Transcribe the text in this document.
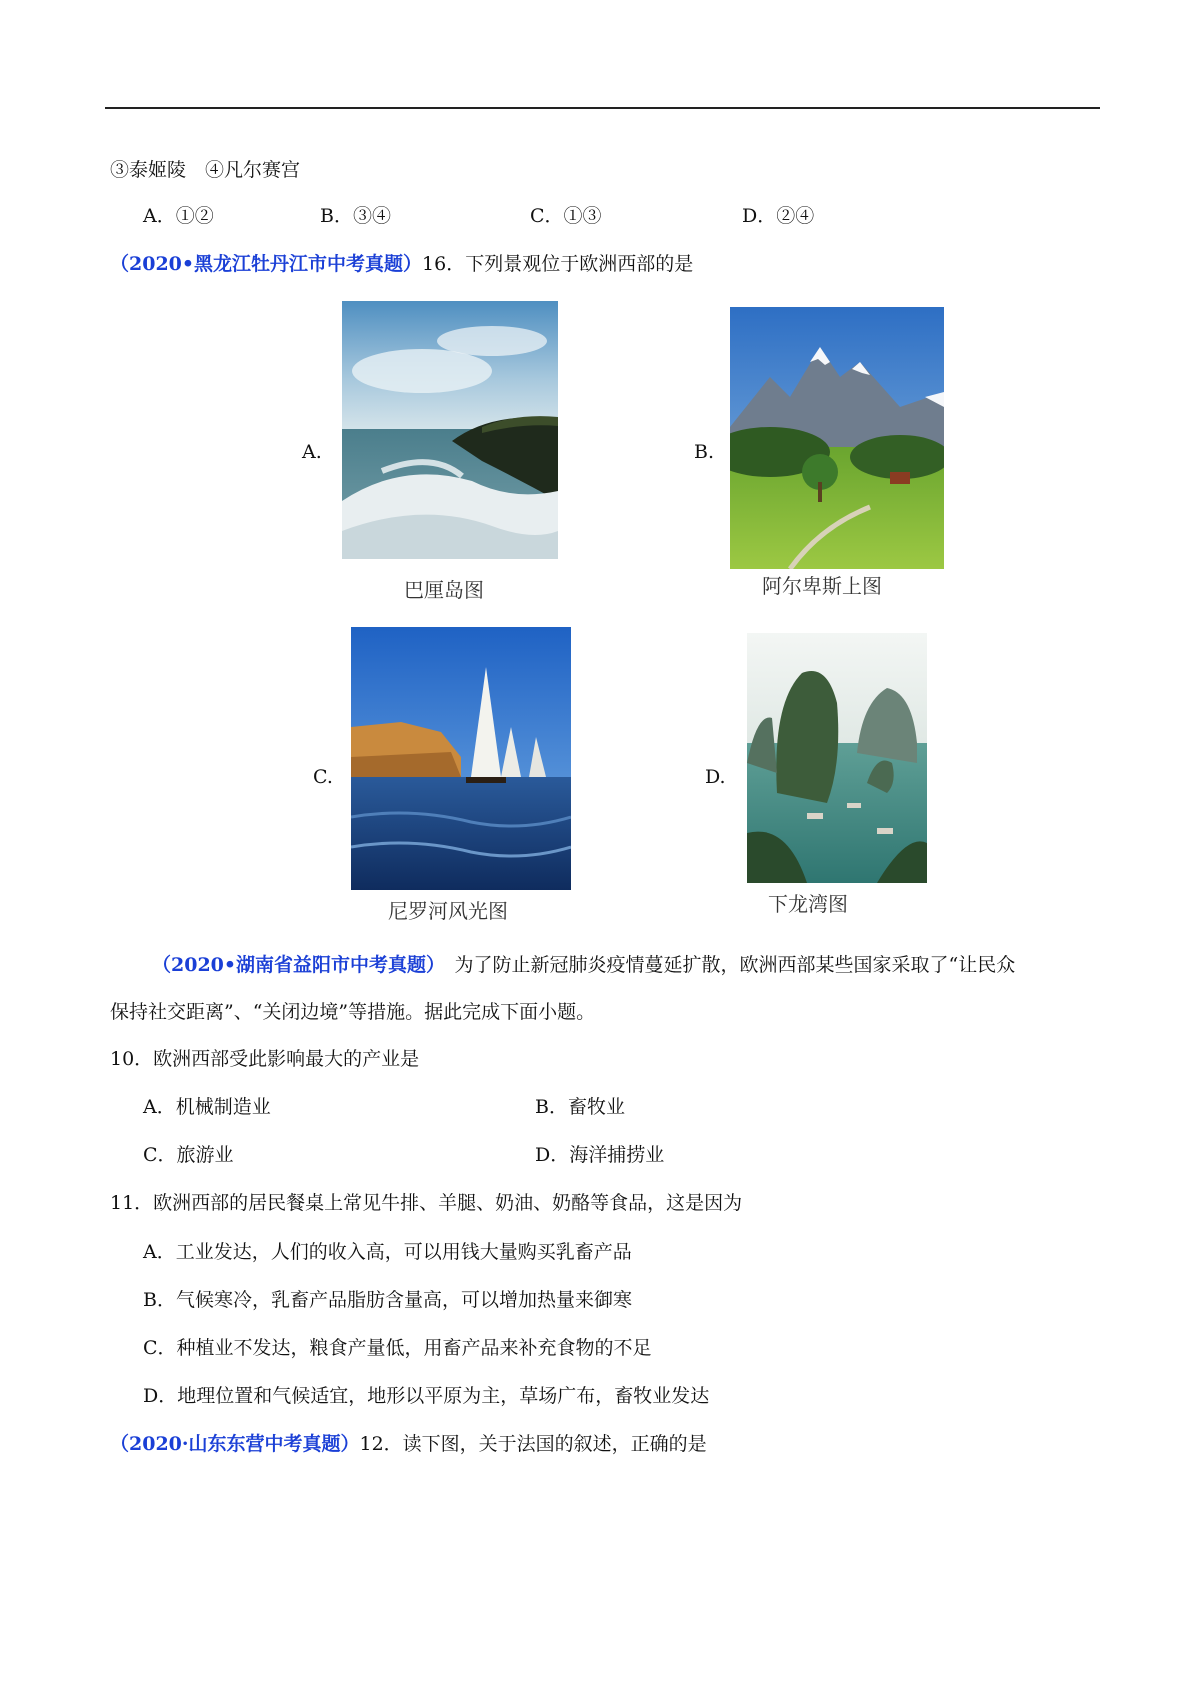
③泰姬陵　④凡尔赛宫
A．①②	B．③④	C．①③	D．②④
（2020•黑龙江牡丹江市中考真题）16．下列景观位于欧洲西部的是
A.
巴厘岛图
B.
阿尔卑斯上图
C.
尼罗河风光图
D.
下龙湾图
（2020•湖南省益阳市中考真题）　为了防止新冠肺炎疫情蔓延扩散，欧洲西部某些国家采取了“让民众
保持社交距离”、“关闭边境”等措施。据此完成下面小题。
10．欧洲西部受此影响最大的产业是
A．机械制造业	B．畜牧业
C．旅游业	D．海洋捕捞业
11．欧洲西部的居民餐桌上常见牛排、羊腿、奶油、奶酪等食品，这是因为
A．工业发达，人们的收入高，可以用钱大量购买乳畜产品
B．气候寒冷，乳畜产品脂肪含量高，可以增加热量来御寒
C．种植业不发达，粮食产量低，用畜产品来补充食物的不足
D．地理位置和气候适宜，地形以平原为主，草场广布，畜牧业发达
（2020·山东东营中考真题）12．读下图，关于法国的叙述，正确的是
